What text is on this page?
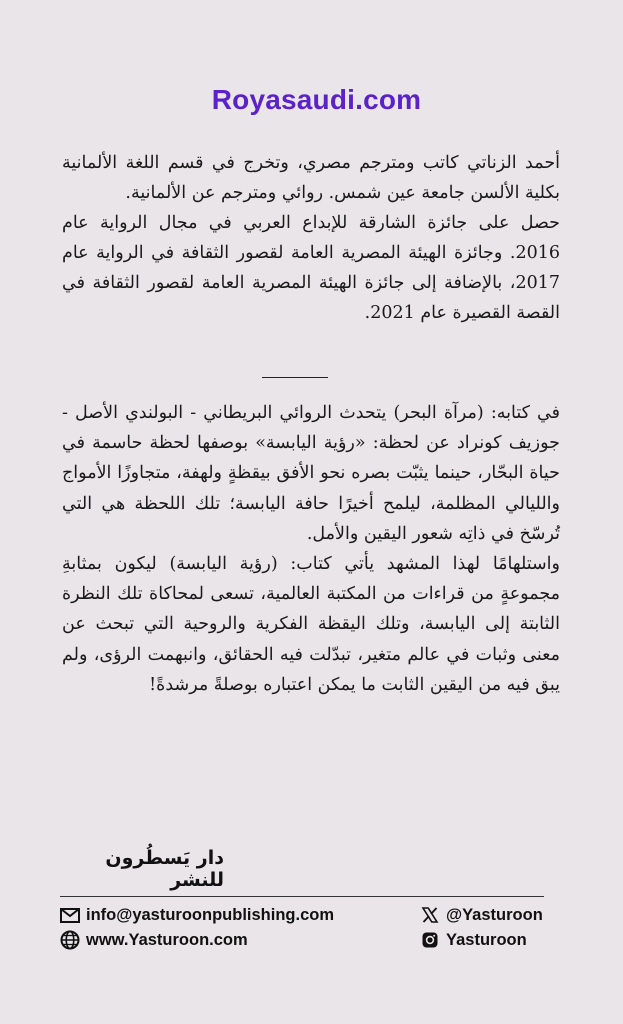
Royasaudi.com

أحمد الزناتي كاتب ومترجم مصري، وتخرج في قسم اللغة الألمانية بكلية الألسن جامعة عين شمس. روائي ومترجم عن الألمانية.

حصل على جائزة الشارقة للإبداع العربي في مجال الرواية عام 2016. وجائزة الهيئة المصرية العامة لقصور الثقافة في الرواية عام 2017، بالإضافة إلى جائزة الهيئة المصرية العامة لقصور الثقافة في القصة القصيرة عام 2021.

في كتابه: (مرآة البحر) يتحدث الروائي البريطاني - البولندي الأصل - جوزيف كونراد عن لحظة: «رؤية اليابسة» بوصفها لحظة حاسمة في حياة البحّار، حينما يثبّت بصره نحو الأفق بيقظةٍ ولهفة، متجاوزًا الأمواج والليالي المظلمة، ليلمح أخيرًا حافة اليابسة؛ تلك اللحظة هي التي تُرسّخ في ذاتِه شعور اليقين والأمل.

واستلهامًا لهذا المشهد يأتي كتاب: (رؤية اليابسة) ليكون بمثابةِ مجموعةٍ من قراءات من المكتبة العالمية، تسعى لمحاكاة تلك النظرة الثابتة إلى اليابسة، وتلك اليقظة الفكرية والروحية التي تبحث عن معنى وثبات في عالم متغير، تبدّلت فيه الحقائق، وانبهمت الرؤى، ولم يبق فيه من اليقين الثابت ما يمكن اعتباره بوصلةً مرشدةً!

دار يَسطُرون للنشر
info@yasturoonpublishing.com
www.Yasturoon.com
@Yasturoon
Yasturoon
